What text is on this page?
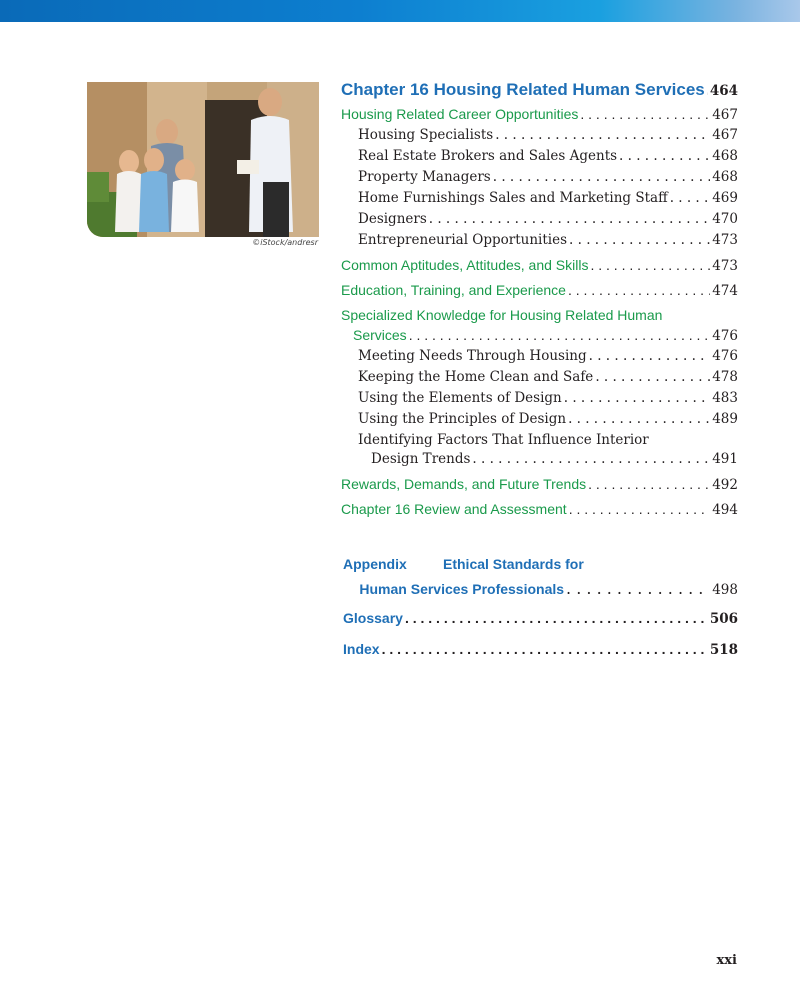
©iStock/andresr
Chapter 16 Housing Related Human Services . . . 464
Housing Related Career Opportunities . . .	467
Housing Specialists . . .	467
Real Estate Brokers and Sales Agents . . .	468
Property Managers . . .	468
Home Furnishings Sales and Marketing Staff . . .	469
Designers . . .	470
Entrepreneurial Opportunities . . .	473
Common Aptitudes, Attitudes, and Skills . . .	473
Education, Training, and Experience . . .	474
Specialized Knowledge for Housing Related Human
Services . . .	476
Meeting Needs Through Housing . . .	476
Keeping the Home Clean and Safe . . .	478
Using the Elements of Design . . .	483
Using the Principles of Design . . .	489
Identifying Factors That Influence Interior
Design Trends . . .	491
Rewards, Demands, and Future Trends . . .	492
Chapter 16 Review and Assessment . . .	494
Appendix	Ethical Standards for
Human Services Professionals . . .	498
Glossary . . .	506
Index . . .	518
xxi
